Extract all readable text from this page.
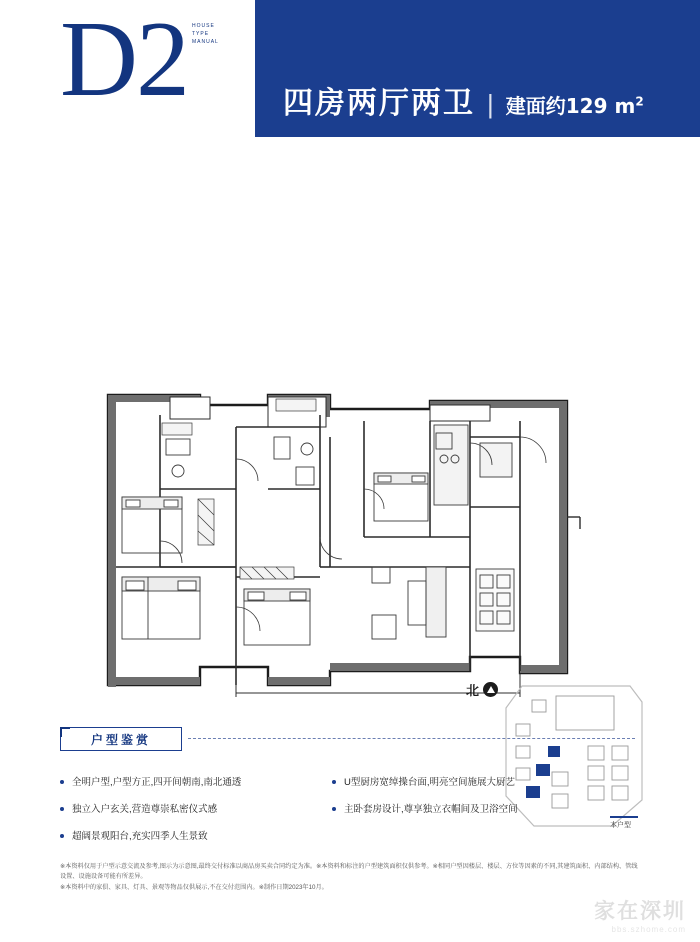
D2 HOUSE
TYPE
MANUAL
四房两厅两卫 | 建面约129 $m^2$
北
本户型
户型鉴赏
全明户型,户型方正,四开间朝南,南北通透
独立入户玄关,营造尊崇私密仪式感
超阔景观阳台,充实四季人生景致
U型厨房宽绰操台面,明亮空间施展大厨艺
主卧套房设计,尊享独立衣帽间及卫浴空间
※本资料仅用于户型示意交流及参考,图示为示意图,最终交付标准以商品房买卖合同约定为准。※本资料和标注的户型建筑面积仅供参考。※相同户型因楼层、楼层、方位等因素的不同,其建筑面积、内部结构、管线设置、设施设备可能有所差异。
※本资料中的家俱、家具、灯具、景观等物品仅供展示,不在交付范围内。※制作日期2023年10月。
家在深圳
bbs.szhome.com
